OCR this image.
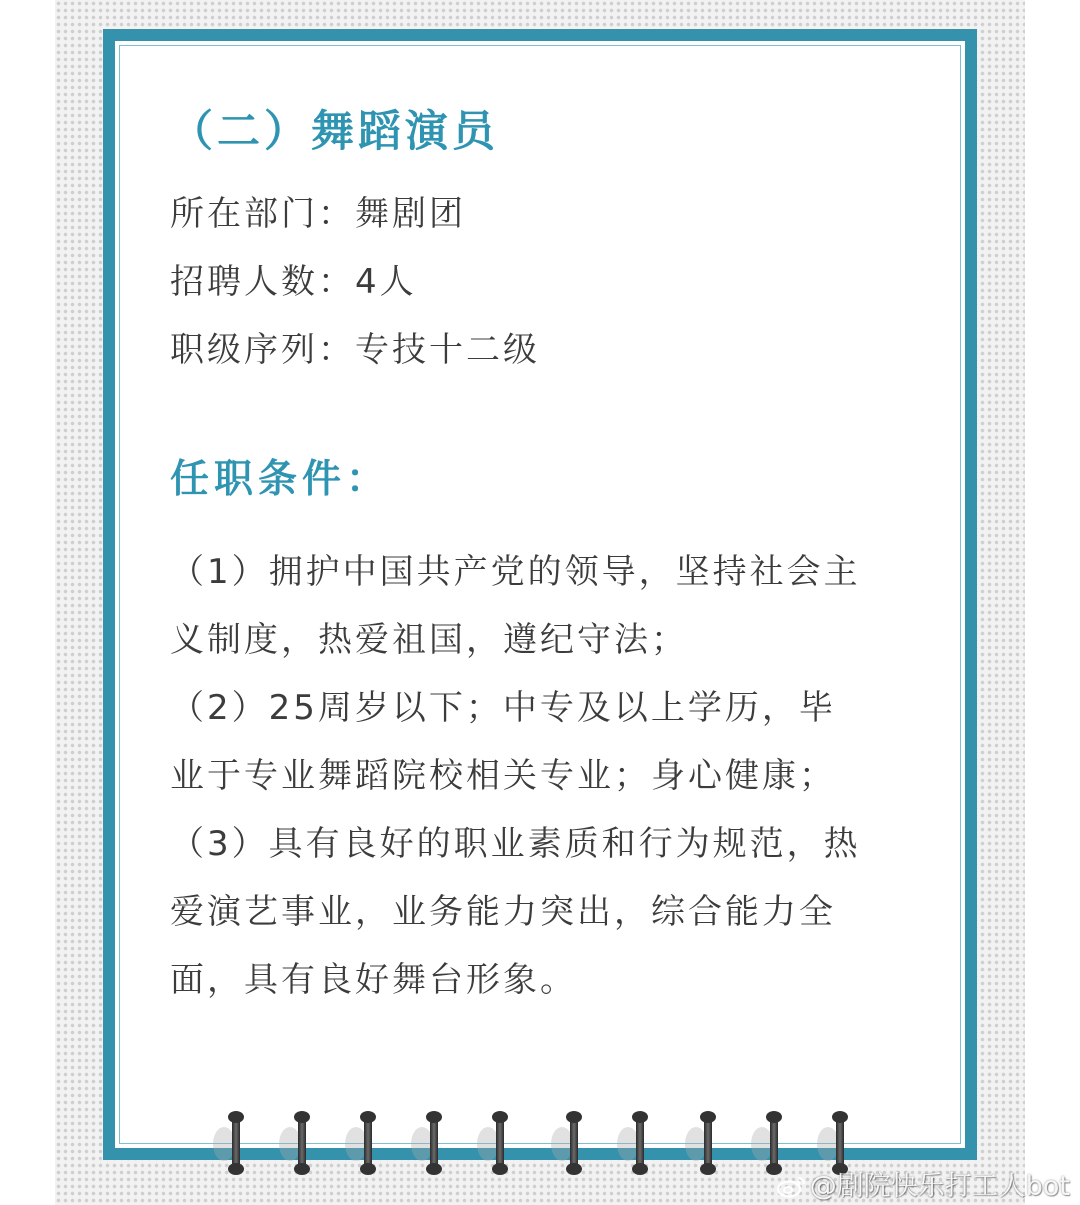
（二）舞蹈演员

所在部门：舞剧团

招聘人数：4人

职级序列：专技十二级

任职条件：
（1）拥护中国共产党的领导，坚持社会主
义制度，热爱祖国，遵纪守法；
（2）25周岁以下；中专及以上学历，毕
业于专业舞蹈院校相关专业；身心健康；
（3）具有良好的职业素质和行为规范，热
爱演艺事业，业务能力突出，综合能力全
面，具有良好舞台形象。
@剧院快乐打工人bot
